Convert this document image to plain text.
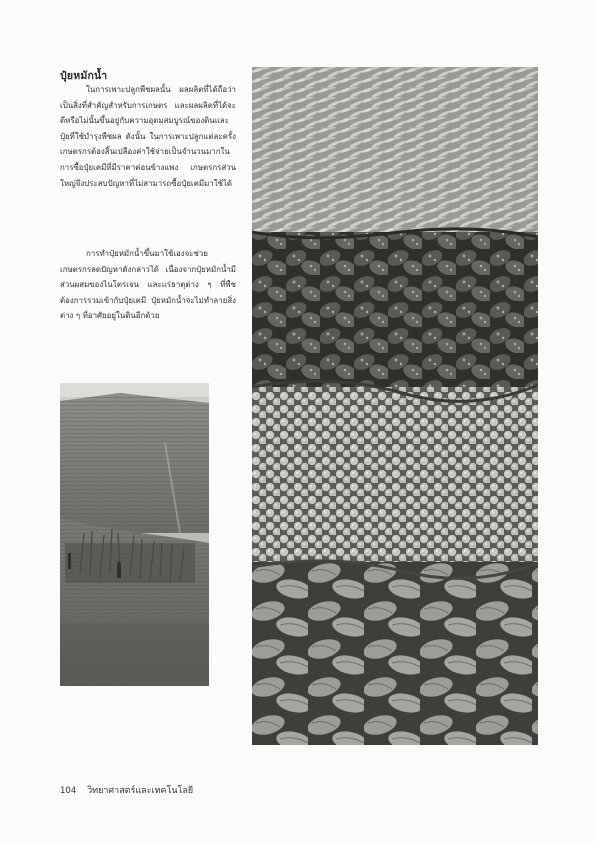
ปุ๋ยหมักน้ำ

ในการเพาะปลูกพืชผลนั้น ผลผลิตที่ได้ถือว่าเป็นสิ่งที่สำคัญสำหรับการเกษตร และผลผลิตที่ได้จะดีหรือไม่นั้นขึ้นอยู่กับความอุดมสมบูรณ์ของดินและปุ๋ยที่ใช้บำรุงพืชผล ดังนั้น ในการเพาะปลูกแต่ละครั้งเกษตรกรต้องสิ้นเปลืองค่าใช้จ่ายเป็นจำนวนมากในการซื้อปุ๋ยเคมีที่มีราคาค่อนข้างแพง เกษตรกรส่วนใหญ่จึงประสบปัญหาที่ไม่สามารถซื้อปุ๋ยเคมีมาใช้ได้

การทำปุ๋ยหมักน้ำขึ้นมาใช้เองจะช่วยเกษตรกรลดปัญหาดังกล่าวได้ เนื่องจากปุ๋ยหมักน้ำมีส่วนผสมของไนโตรเจน และแร่ธาตุต่าง ๆ ที่พืชต้องการรวมเข้ากับปุ๋ยเคมี ปุ๋ยหมักน้ำจะไม่ทำลายสิ่งต่าง ๆ ที่อาศัยอยู่ในดินอีกด้วย

104 วิทยาศาสตร์และเทคโนโลยี
